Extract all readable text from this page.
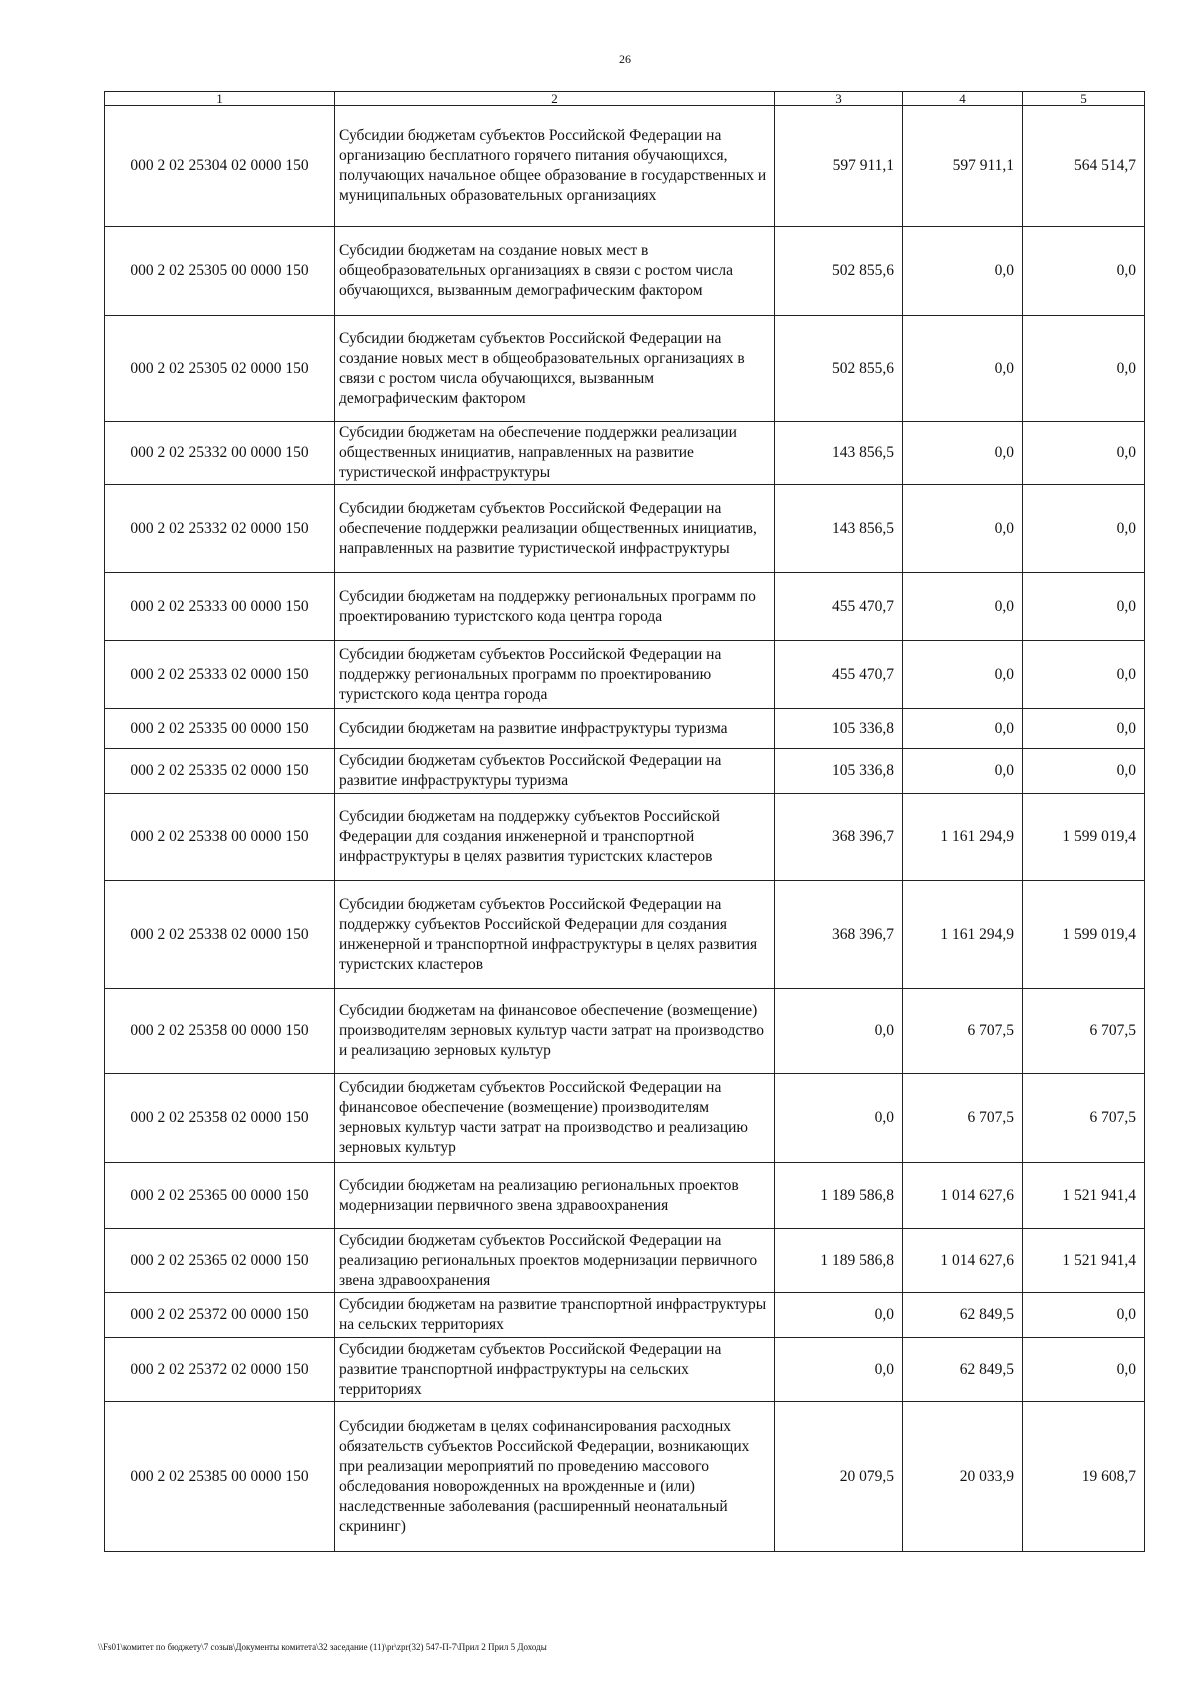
26
1	2	3	4	5
000 2 02 25304 02 0000 150	Субсидии бюджетам субъектов Российской Федерации на организацию бесплатного горячего питания обучающихся, получающих начальное общее образование в государственных и муниципальных образовательных организациях	597 911,1	597 911,1	564 514,7
000 2 02 25305 00 0000 150	Субсидии бюджетам на создание новых мест в общеобразовательных организациях в связи с ростом числа обучающихся, вызванным демографическим фактором	502 855,6	0,0	0,0
000 2 02 25305 02 0000 150	Субсидии бюджетам субъектов Российской Федерации на создание новых мест в общеобразовательных организациях в связи с ростом числа обучающихся, вызванным демографическим фактором	502 855,6	0,0	0,0
000 2 02 25332 00 0000 150	Субсидии бюджетам на обеспечение поддержки реализации общественных инициатив, направленных на развитие туристической инфраструктуры	143 856,5	0,0	0,0
000 2 02 25332 02 0000 150	Субсидии бюджетам субъектов Российской Федерации на обеспечение поддержки реализации общественных инициатив, направленных на развитие туристической инфраструктуры	143 856,5	0,0	0,0
000 2 02 25333 00 0000 150	Субсидии бюджетам на поддержку региональных программ по проектированию туристского кода центра города	455 470,7	0,0	0,0
000 2 02 25333 02 0000 150	Субсидии бюджетам субъектов Российской Федерации на поддержку региональных программ по проектированию туристского кода центра города	455 470,7	0,0	0,0
000 2 02 25335 00 0000 150	Субсидии бюджетам на развитие инфраструктуры туризма	105 336,8	0,0	0,0
000 2 02 25335 02 0000 150	Субсидии бюджетам субъектов Российской Федерации на развитие инфраструктуры туризма	105 336,8	0,0	0,0
000 2 02 25338 00 0000 150	Субсидии бюджетам на поддержку субъектов Российской Федерации для создания инженерной и транспортной инфраструктуры в целях развития туристских кластеров	368 396,7	1 161 294,9	1 599 019,4
000 2 02 25338 02 0000 150	Субсидии бюджетам субъектов Российской Федерации на поддержку субъектов Российской Федерации для создания инженерной и транспортной инфраструктуры в целях развития туристских кластеров	368 396,7	1 161 294,9	1 599 019,4
000 2 02 25358 00 0000 150	Субсидии бюджетам на финансовое обеспечение (возмещение) производителям зерновых культур части затрат на производство и реализацию зерновых культур	0,0	6 707,5	6 707,5
000 2 02 25358 02 0000 150	Субсидии бюджетам субъектов Российской Федерации на финансовое обеспечение (возмещение) производителям зерновых культур части затрат на производство и реализацию зерновых культур	0,0	6 707,5	6 707,5
000 2 02 25365 00 0000 150	Субсидии бюджетам на реализацию региональных проектов модернизации первичного звена здравоохранения	1 189 586,8	1 014 627,6	1 521 941,4
000 2 02 25365 02 0000 150	Субсидии бюджетам субъектов Российской Федерации на реализацию региональных проектов модернизации первичного звена здравоохранения	1 189 586,8	1 014 627,6	1 521 941,4
000 2 02 25372 00 0000 150	Субсидии бюджетам на развитие транспортной инфраструктуры на сельских территориях	0,0	62 849,5	0,0
000 2 02 25372 02 0000 150	Субсидии бюджетам субъектов Российской Федерации на развитие транспортной инфраструктуры на сельских территориях	0,0	62 849,5	0,0
000 2 02 25385 00 0000 150	Субсидии бюджетам в целях софинансирования расходных обязательств субъектов Российской Федерации, возникающих при реализации мероприятий по проведению массового обследования новорожденных на врожденные и (или) наследственные заболевания (расширенный неонатальный скрининг)	20 079,5	20 033,9	19 608,7
\\Fs01\комитет по бюджету\7 созыв\Документы комитета\32 заседание (11)\pr\zpr(32) 547-П-7\Прил 2 Прил 5 Доходы
